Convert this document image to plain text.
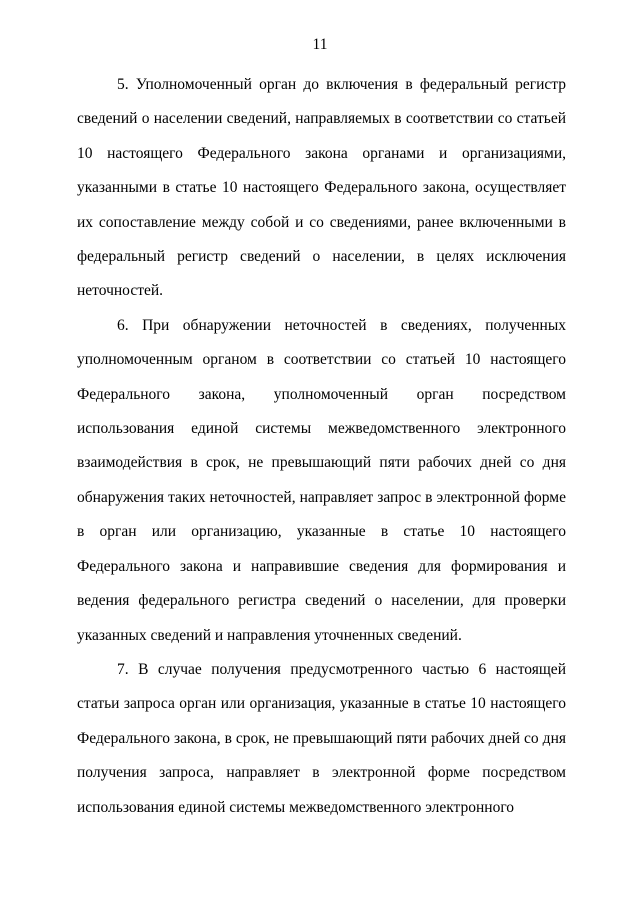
11

5. Уполномоченный орган до включения в федеральный регистр сведений о населении сведений, направляемых в соответствии со статьей 10 настоящего Федерального закона органами и организациями, указанными в статье 10 настоящего Федерального закона, осуществляет их сопоставление между собой и со сведениями, ранее включенными в федеральный регистр сведений о населении, в целях исключения неточностей.

6. При обнаружении неточностей в сведениях, полученных уполномоченным органом в соответствии со статьей 10 настоящего Федерального закона, уполномоченный орган посредством использования единой системы межведомственного электронного взаимодействия в срок, не превышающий пяти рабочих дней со дня обнаружения таких неточностей, направляет запрос в электронной форме в орган или организацию, указанные в статье 10 настоящего Федерального закона и направившие сведения для формирования и ведения федерального регистра сведений о населении, для проверки указанных сведений и направления уточненных сведений.

7. В случае получения предусмотренного частью 6 настоящей статьи запроса орган или организация, указанные в статье 10 настоящего Федерального закона, в срок, не превышающий пяти рабочих дней со дня получения запроса, направляет в электронной форме посредством использования единой системы межведомственного электронного
